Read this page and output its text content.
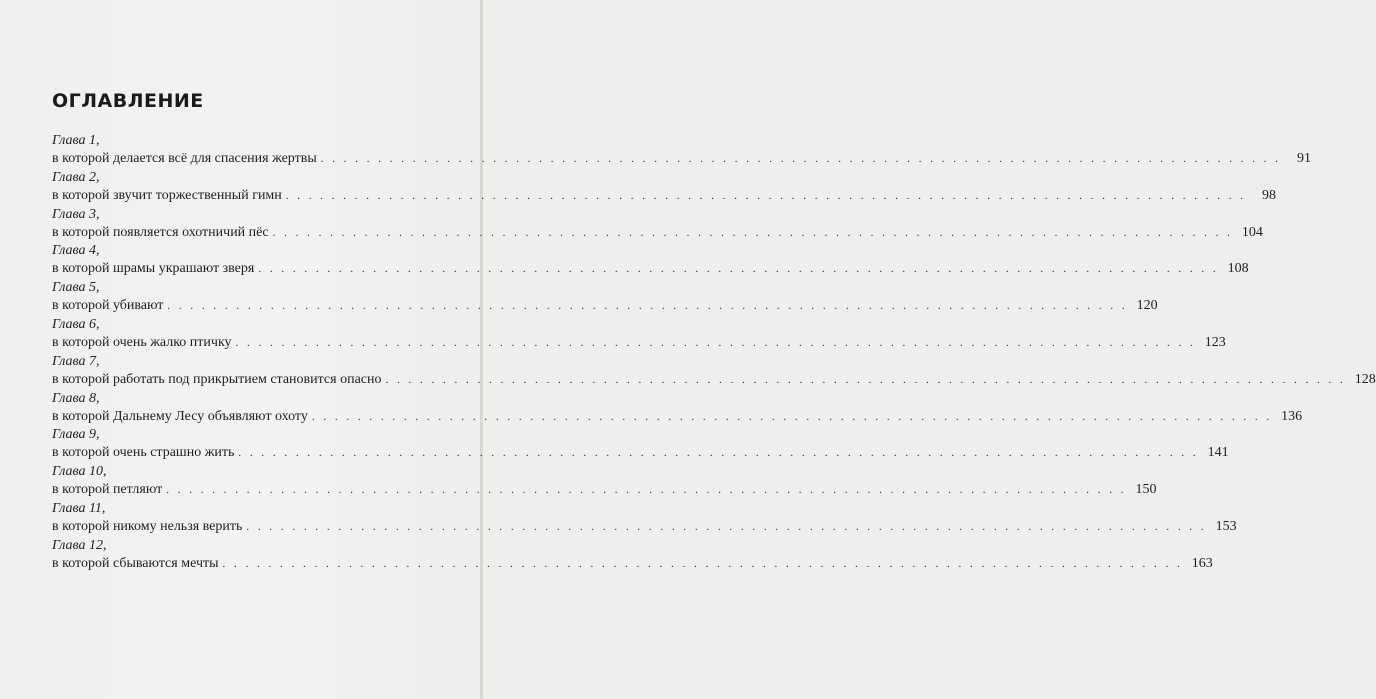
ОГЛАВЛЕНИЕ
Глава 1,
в которой делается всё для спасения жертвы . . . . . . . . . . . . . . . . . . . . . . . . . . . . . . . . . . . . . . . . . . . . . . . . . . . . . . . . . . . . . . . . . . . . . . . . . . . . . . . . . . . .	91
Глава 2,
в которой звучит торжественный гимн . . . . . . . . . . . . . . . . . . . . . . . . . . . . . . . . . . . . . . . . . . . . . . . . . . . . . . . . . . . . . . . . . . . . . . . . . . . . . . . . . . . .	98
Глава 3,
в которой появляется охотничий пёс . . . . . . . . . . . . . . . . . . . . . . . . . . . . . . . . . . . . . . . . . . . . . . . . . . . . . . . . . . . . . . . . . . . . . . . . . . . . . . . . . . . . 104
Глава 4,
в которой шрамы украшают зверя . . . . . . . . . . . . . . . . . . . . . . . . . . . . . . . . . . . . . . . . . . . . . . . . . . . . . . . . . . . . . . . . . . . . . . . . . . . . . . . . . . . . 108
Глава 5,
в которой убивают . . . . . . . . . . . . . . . . . . . . . . . . . . . . . . . . . . . . . . . . . . . . . . . . . . . . . . . . . . . . . . . . . . . . . . . . . . . . . . . . . . . . 120
Глава 6,
в которой очень жалко птичку . . . . . . . . . . . . . . . . . . . . . . . . . . . . . . . . . . . . . . . . . . . . . . . . . . . . . . . . . . . . . . . . . . . . . . . . . . . . . . . . . . . . 123
Глава 7,
в которой работать под прикрытием становится опасно . . . . . . . . . . . . . . . . . . . . . . . . . . . . . . . . . . . . . . . . . . . . . . . . . . . . . . . . . . . . . . . . . . . . . . . . . . . . . . . . . . . . 128
Глава 8,
в которой Дальнему Лесу объявляют охоту . . . . . . . . . . . . . . . . . . . . . . . . . . . . . . . . . . . . . . . . . . . . . . . . . . . . . . . . . . . . . . . . . . . . . . . . . . . . . . . . . . . . 136
Глава 9,
в которой очень страшно жить . . . . . . . . . . . . . . . . . . . . . . . . . . . . . . . . . . . . . . . . . . . . . . . . . . . . . . . . . . . . . . . . . . . . . . . . . . . . . . . . . . . . 141
Глава 10,
в которой петляют . . . . . . . . . . . . . . . . . . . . . . . . . . . . . . . . . . . . . . . . . . . . . . . . . . . . . . . . . . . . . . . . . . . . . . . . . . . . . . . . . . . . 150
Глава 11,
в которой никому нельзя верить . . . . . . . . . . . . . . . . . . . . . . . . . . . . . . . . . . . . . . . . . . . . . . . . . . . . . . . . . . . . . . . . . . . . . . . . . . . . . . . . . . . . 153
Глава 12,
в которой сбываются мечты . . . . . . . . . . . . . . . . . . . . . . . . . . . . . . . . . . . . . . . . . . . . . . . . . . . . . . . . . . . . . . . . . . . . . . . . . . . . . . . . . . . . 163
